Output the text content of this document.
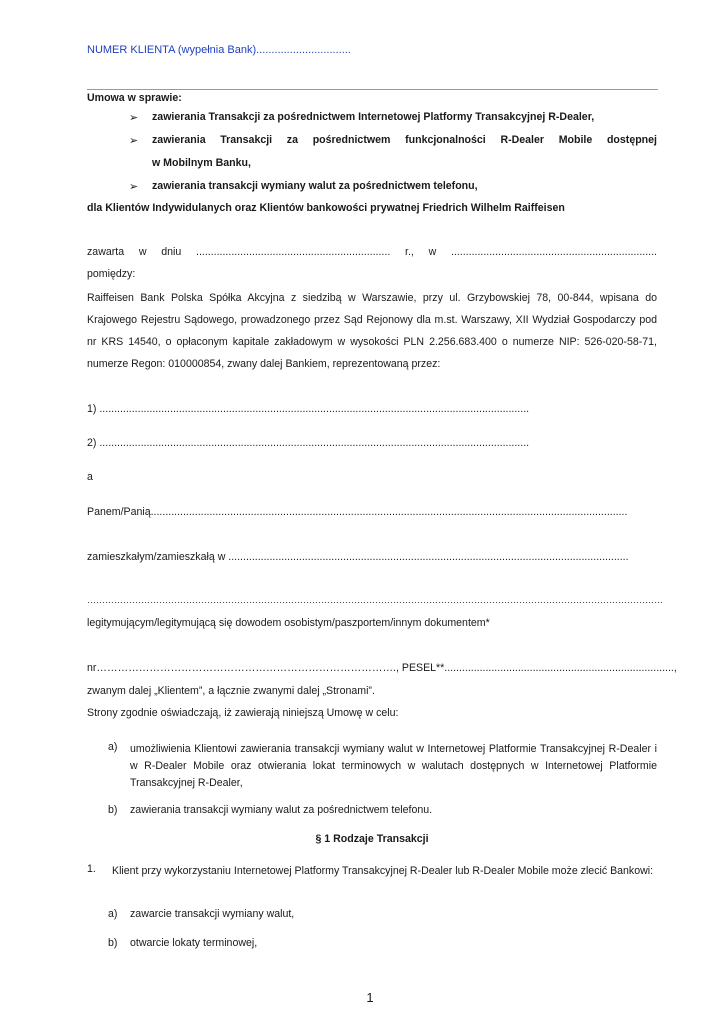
NUMER KLIENTA (wypełnia Bank)...............................
Umowa w sprawie:
➢ zawierania Transakcji za pośrednictwem Internetowej Platformy Transakcyjnej R-Dealer,
➢ zawierania Transakcji za pośrednictwem funkcjonalności R-Dealer Mobile dostępnej
w Mobilnym Banku,
➢ zawierania transakcji wymiany walut za pośrednictwem telefonu,
dla Klientów Indywidulanych oraz Klientów bankowości prywatnej Friedrich Wilhelm Raiffeisen
zawarta w dniu .................................................................. r., w ......................................................................
pomiędzy:
Raiffeisen Bank Polska Spółka Akcyjna z siedzibą w Warszawie, przy ul. Grzybowskiej 78, 00-844, wpisana do Krajowego Rejestru Sądowego, prowadzonego przez Sąd Rejonowy dla m.st. Warszawy, XII Wydział Gospodarczy pod nr KRS 14540, o opłaconym kapitale zakładowym w wysokości PLN 2.256.683.400 o numerze NIP: 526-020-58-71, numerze Regon: 010000854, zwany dalej Bankiem, reprezentowaną przez:
1) ..................................................................................................................................................
2) ..................................................................................................................................................
a
Panem/Panią..................................................................................................................................................................
zamieszkałym/zamieszkałą w ........................................................................................................................................
…………………………………………………………………………………………………………………………………………………………………………
legitymującym/legitymującą się dowodem osobistym/paszportem/innym dokumentem*
nr…………………………………………………………………………., PESEL**..............................................................................,
zwanym dalej „Klientem”, a łącznie zwanymi dalej „Stronami”.
Strony zgodnie oświadczają, iż zawierają niniejszą Umowę w celu:
a) umożliwienia Klientowi zawierania transakcji wymiany walut w Internetowej Platformie Transakcyjnej R-Dealer i w R-Dealer Mobile oraz otwierania lokat terminowych w walutach dostępnych w Internetowej Platformie Transakcyjnej R-Dealer,
b) zawierania transakcji wymiany walut za pośrednictwem telefonu.
§ 1 Rodzaje Transakcji
1. Klient przy wykorzystaniu Internetowej Platformy Transakcyjnej R-Dealer lub R-Dealer Mobile może zlecić Bankowi:
a) zawarcie transakcji wymiany walut,
b) otwarcie lokaty terminowej,
1
